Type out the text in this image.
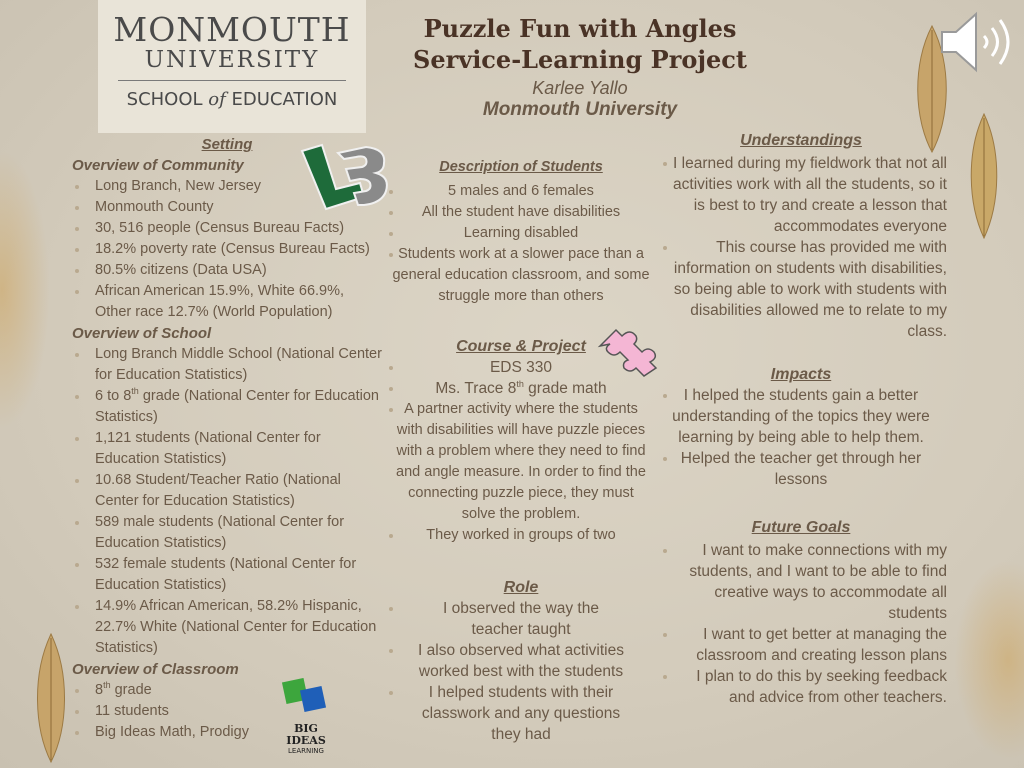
MONMOUTH
UNIVERSITY
SCHOOL of EDUCATION
Puzzle Fun with Angles
Service-Learning Project
Karlee Yallo
Monmouth University
Setting
Overview of Community
Long Branch, New Jersey
Monmouth County
30, 516 people (Census Bureau Facts)
18.2% poverty rate (Census Bureau Facts)
80.5% citizens (Data USA)
African American 15.9%, White 66.9%, Other race 12.7% (World Population)
Overview of School
Long Branch Middle School (National Center for Education Statistics)
6 to 8th grade (National Center for Education Statistics)
1,121 students (National Center for Education Statistics)
10.68 Student/Teacher Ratio (National Center for Education Statistics)
589 male students (National Center for Education Statistics)
532 female students (National Center for Education Statistics)
14.9% African American, 58.2% Hispanic, 22.7% White (National Center for Education Statistics)
Overview of Classroom
8th grade
11 students
Big Ideas Math, Prodigy	BIG IDEAS
LEARNING
Description of Students
5 males and 6 females
All the student have disabilities
Learning disabled
Students work at a slower pace than a general education classroom, and some struggle more than others
Course & Project
EDS 330
Ms. Trace 8th grade math
A partner activity where the students with disabilities will have puzzle pieces with a problem where they need to find and angle measure. In order to find the connecting puzzle piece, they must solve the problem.
They worked in groups of two
Role
I observed the way the teacher taught
I also observed what activities worked best with the students
I helped students with their classwork and any questions they had
Understandings
I learned during my fieldwork that not all activities work with all the students, so it is best to try and create a lesson that accommodates everyone
This course has provided me with information on students with disabilities, so being able to work with students with disabilities allowed me to relate to my class.
Impacts
I helped the students gain a better understanding of the topics they were learning by being able to help them.
Helped the teacher get through her lessons
Future Goals
I want to make connections with my students, and I want to be able to find creative ways to accommodate all students
I want to get better at managing the classroom and creating lesson plans
I plan to do this by seeking feedback and advice from other teachers.
